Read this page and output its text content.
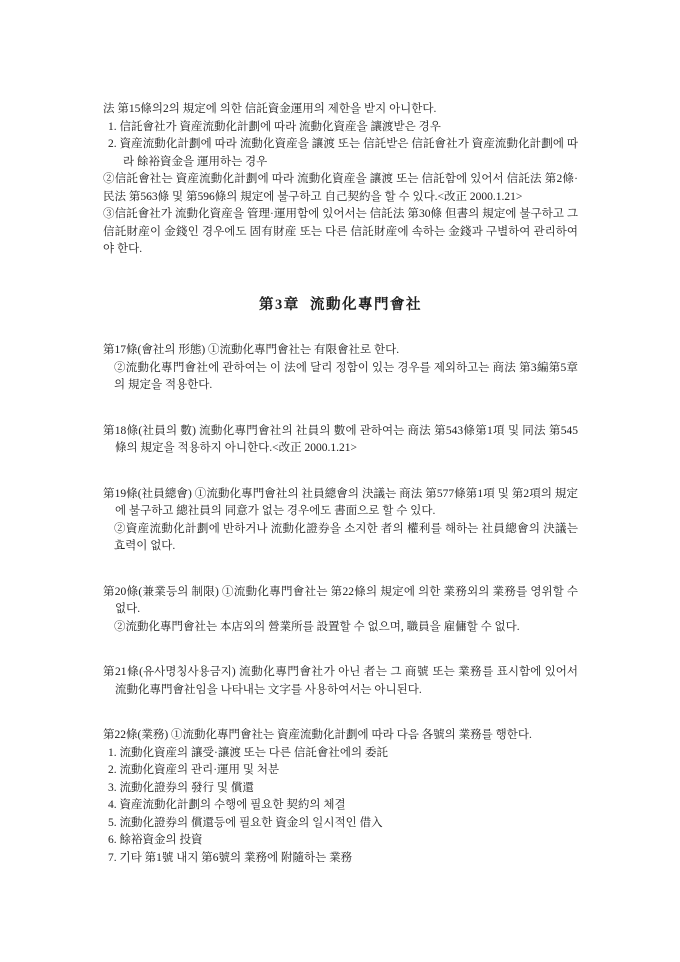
法 第15條의2의 規定에 의한 信託資金運用의 제한을 받지 아니한다.

1. 信託會社가 資産流動化計劃에 따라 流動化資産을 讓渡받은 경우

2. 資産流動化計劃에 따라 流動化資産을 讓渡 또는 信託받은 信託會社가 資産流動化計劃에 따라 餘裕資金을 運用하는 경우

②信託會社는 資産流動化計劃에 따라 流動化資産을 讓渡 또는 信託함에 있어서 信託法 第2條·民法 第563條 및 第596條의 規定에 불구하고 自己契約을 할 수 있다.<改正 2000.1.21>

③信託會社가 流動化資産을 管理·運用함에 있어서는 信託法 第30條 但書의 規定에 불구하고 그 信託財産이 金錢인 경우에도 固有財産 또는 다른 信託財産에 속하는 金錢과 구별하여 관리하여야 한다.

第3章  流動化專門會社

第17條(會社의 形態) ①流動化專門會社는 有限會社로 한다.

②流動化專門會社에 관하여는 이 法에 달리 정함이 있는 경우를 제외하고는 商法 第3編第5章의 規定을 적용한다.

第18條(社員의 數) 流動化專門會社의 社員의 數에 관하여는 商法 第543條第1項 및 同法 第545條의 規定을 적용하지 아니한다.<改正 2000.1.21>

第19條(社員總會) ①流動化專門會社의 社員總會의 決議는 商法 第577條第1項 및 第2項의 規定에 불구하고 總社員의 同意가 없는 경우에도 書面으로 할 수 있다.

②資産流動化計劃에 반하거나 流動化證券을 소지한 者의 權利를 해하는 社員總會의 決議는 효력이 없다.

第20條(兼業등의 制限) ①流動化專門會社는 第22條의 規定에 의한 業務외의 業務를 영위할 수 없다.

②流動化專門會社는 本店외의 營業所를 設置할 수 없으며, 職員을 雇傭할 수 없다.

第21條(유사명칭사용금지) 流動化專門會社가 아닌 者는 그 商號 또는 業務를 표시함에 있어서 流動化專門會社임을 나타내는 文字를 사용하여서는 아니된다.

第22條(業務) ①流動化專門會社는 資産流動化計劃에 따라 다음 各號의 業務를 행한다.

1. 流動化資産의 讓受·讓渡 또는 다른 信託會社에의 委託

2. 流動化資産의 관리·運用 및 처분

3. 流動化證券의 發行 및 償還

4. 資産流動化計劃의 수행에 필요한 契約의 체결

5. 流動化證券의 償還등에 필요한 資金의 일시적인 借入

6. 餘裕資金의 投資

7. 기타 第1號 내지 第6號의 業務에 附隨하는 業務
